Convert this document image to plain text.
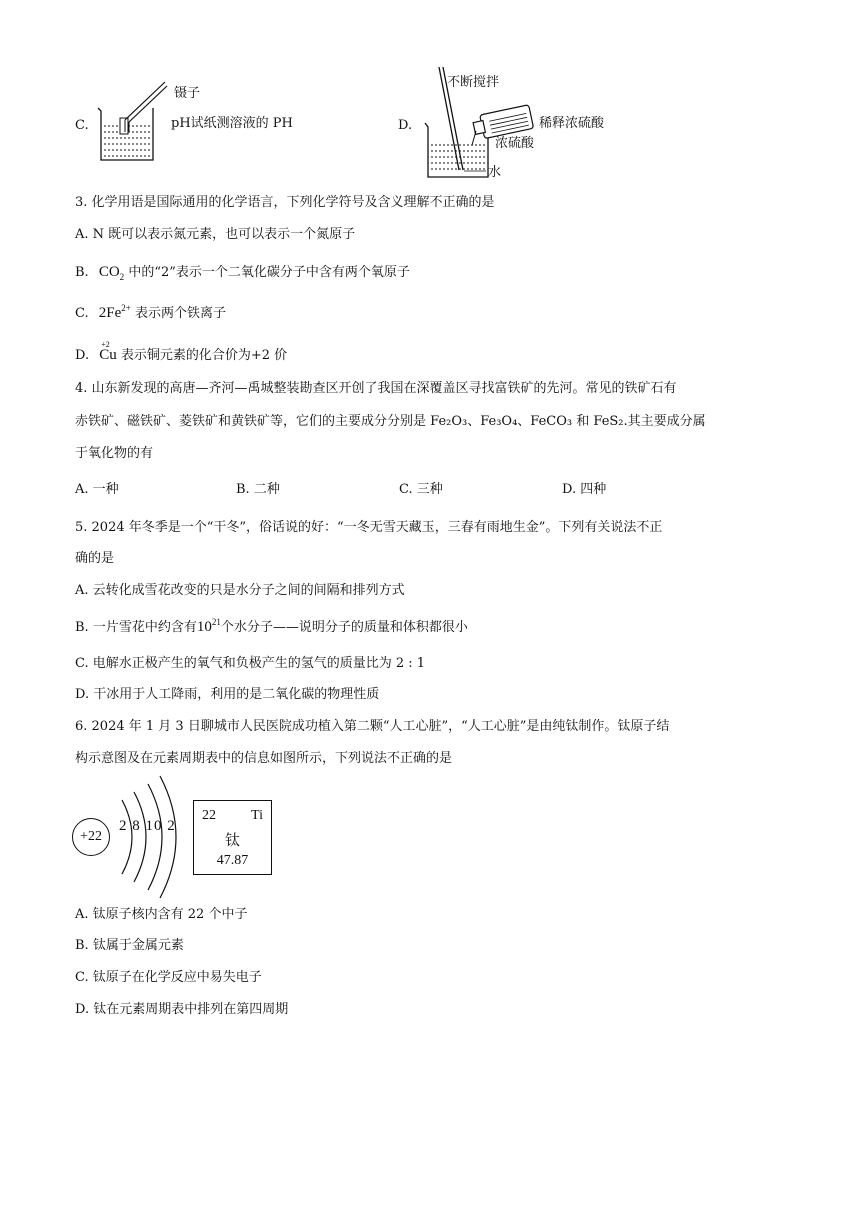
C.
镊子
pH试纸测溶液的 PH	D.
不断搅拌
稀释浓硫酸
浓硫酸
水
3. 化学用语是国际通用的化学语言，下列化学符号及含义理解不正确的是
A. N 既可以表示氮元素，也可以表示一个氮原子
B. $CO_2$ 中的“2”表示一个二氧化碳分子中含有两个氧原子
C. $2Fe^{2+}$ 表示两个铁离子
D.
+2
Cu 表示铜元素的化合价为+2 价
4. 山东新发现的高唐—齐河—禹城整装勘查区开创了我国在深覆盖区寻找富铁矿的先河。常见的铁矿石有
赤铁矿、磁铁矿、菱铁矿和黄铁矿等，它们的主要成分分别是 Fe₂O₃、Fe₃O₄、FeCO₃ 和 FeS₂.其主要成分属
于氧化物的有
A. 一种	B. 二种	C. 三种	D. 四种
5. 2024 年冬季是一个“干冬”，俗话说的好：“一冬无雪天藏玉，三春有雨地生金”。下列有关说法不正
确的是
A. 云转化成雪花改变的只是水分子之间的间隔和排列方式
B. 一片雪花中约含有$10^{21}$个水分子——说明分子的质量和体积都很小
C. 电解水正极产生的氧气和负极产生的氢气的质量比为 2 : 1
D. 干冰用于人工降雨，利用的是二氧化碳的物理性质
6. 2024 年 1 月 3 日聊城市人民医院成功植入第二颗“人工心脏”，“人工心脏”是由纯钛制作。钛原子结
构示意图及在元素周期表中的信息如图所示，下列说法不正确的是
+22
2 8 10 2
22	Ti
钛
47.87
A. 钛原子核内含有 22 个中子
B. 钛属于金属元素
C. 钛原子在化学反应中易失电子
D. 钛在元素周期表中排列在第四周期
